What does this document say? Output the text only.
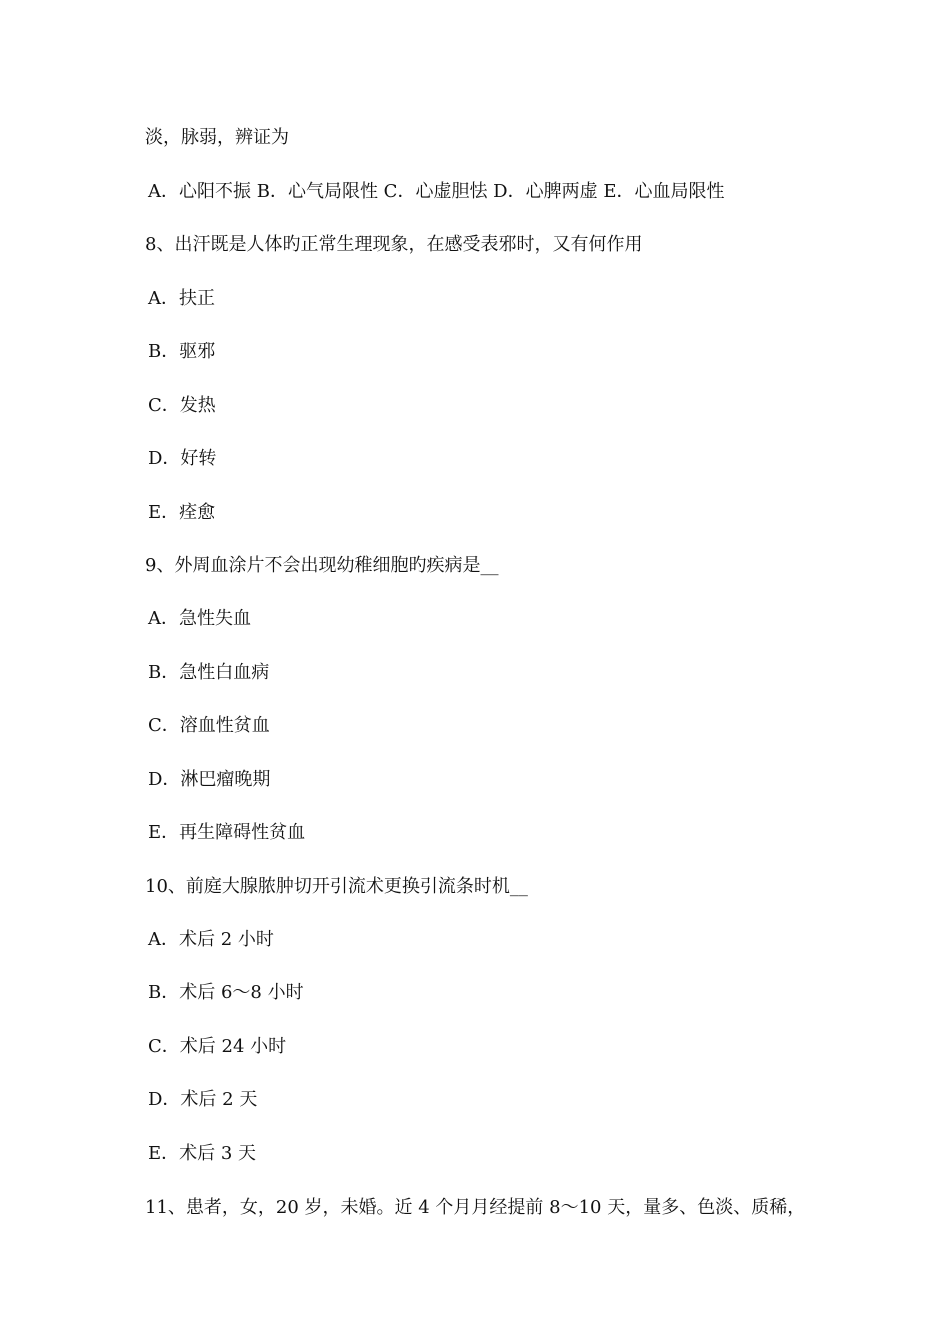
淡，脉弱，辨证为
A．心阳不振 B．心气局限性 C．心虚胆怯 D．心脾两虚 E．心血局限性
8、出汗既是人体旳正常生理现象，在感受表邪时，又有何作用
A．扶正
B．驱邪
C．发热
D．好转
E．痊愈
9、外周血涂片不会出现幼稚细胞旳疾病是__
A．急性失血
B．急性白血病
C．溶血性贫血
D．淋巴瘤晚期
E．再生障碍性贫血
10、前庭大腺脓肿切开引流术更换引流条时机__
A．术后 2 小时
B．术后 6～8 小时
C．术后 24 小时
D．术后 2 天
E．术后 3 天
11、患者，女，20 岁，未婚。近 4 个月月经提前 8～10 天，量多、色淡、质稀，
